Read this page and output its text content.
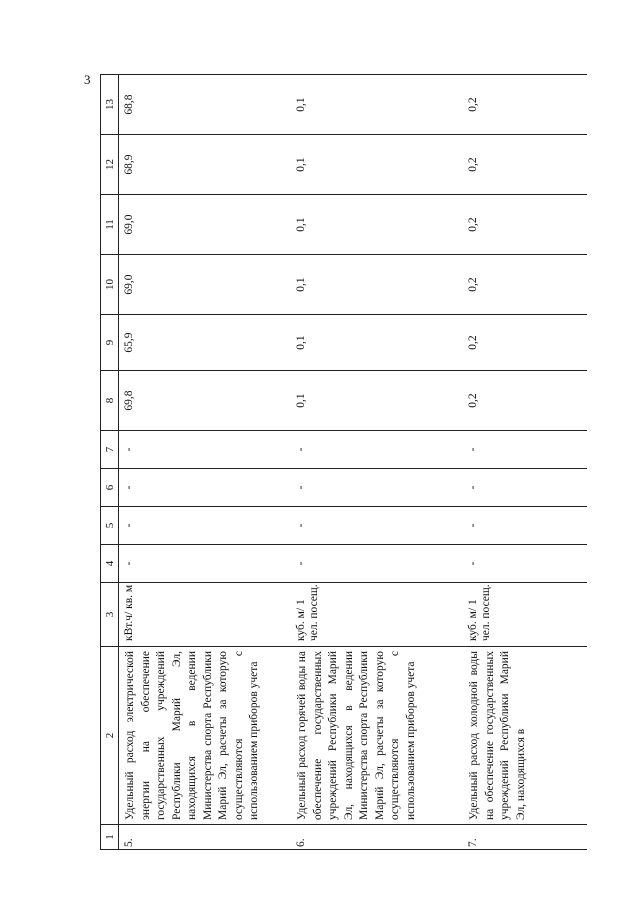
3
1	2	3	4	5	6	7	8	9	10	11	12	13
5.	Удельный расход электрической энергии на обеспечение государственных учреждений Республики Марий Эл, находящихся в ведении Министерства спорта Республики Марий Эл, расчеты за которую осуществляются с использованием приборов учета	кВт.ч/ кв. м	-	-	-	-	69,8	65,9	69,0	69,0	68,9	68,8
6.	Удельный расход горячей воды на обеспечение государственных учреждений Республики Марий Эл, находящихся в ведении Министерства спорта Республики Марий Эл, расчеты за которую осуществляются с использованием приборов учета	куб. м/ 1 чел. посещ.	-	-	-	-	0,1	0,1	0,1	0,1	0,1	0,1
7.	Удельный расход холодной воды на обеспечение государственных учреждений Республики Марий Эл, находящихся в	куб. м/ 1 чел. посещ.	-	-	-	-	0,2	0,2	0,2	0,2	0,2	0,2
